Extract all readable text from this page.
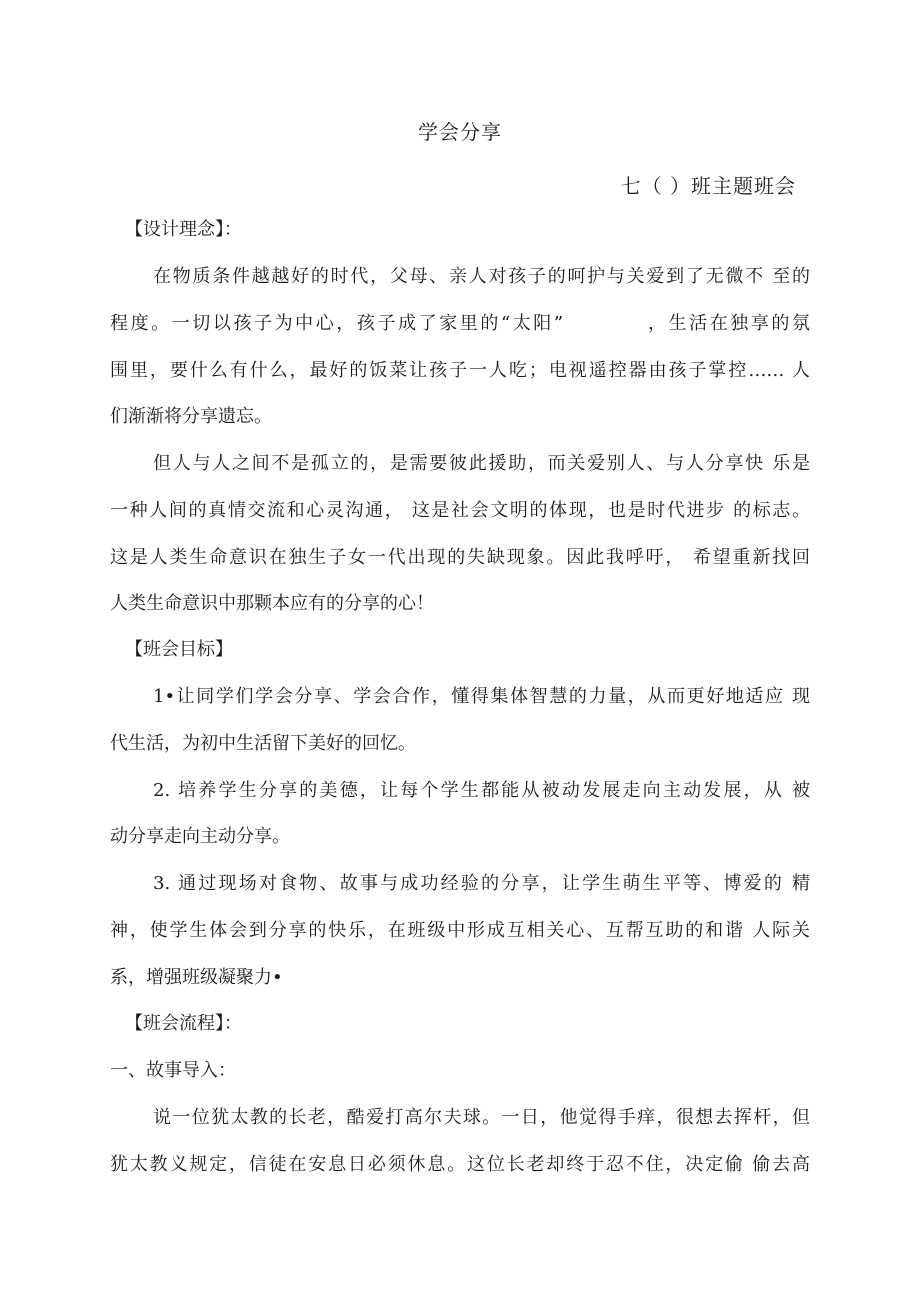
学会分享
七（ ）班主题班会
【设计理念】：
在物质条件越越好的时代，父母、亲人对孩子的呵护与关爱到了无微不 至的
程度。一切以孩子为中心，孩子成了家里的“太阳”　　　　，生活在独享的氛
围里，要什么有什么，最好的饭菜让孩子一人吃；电视遥控器由孩子掌控…… 人
们渐渐将分享遗忘。
但人与人之间不是孤立的，是需要彼此援助，而关爱别人、与人分享快 乐是
一种人间的真情交流和心灵沟通， 这是社会文明的体现，也是时代进步 的标志。
这是人类生命意识在独生子女一代出现的失缺现象。因此我呼吁， 希望重新找回
人类生命意识中那颗本应有的分享的心！
【班会目标】
1•让同学们学会分享、学会合作，懂得集体智慧的力量，从而更好地适应 现
代生活，为初中生活留下美好的回忆。
2. 培养学生分享的美德，让每个学生都能从被动发展走向主动发展，从 被
动分享走向主动分享。
3. 通过现场对食物、故事与成功经验的分享，让学生萌生平等、博爱的 精
神，使学生体会到分享的快乐，在班级中形成互相关心、互帮互助的和谐 人际关
系，增强班级凝聚力•
【班会流程】：
一、故事导入：
说一位犹太教的长老，酷爱打高尔夫球。一日，他觉得手痒，很想去挥杆，但
犹太教义规定，信徒在安息日必须休息。这位长老却终于忍不住，决定偷 偷去高
